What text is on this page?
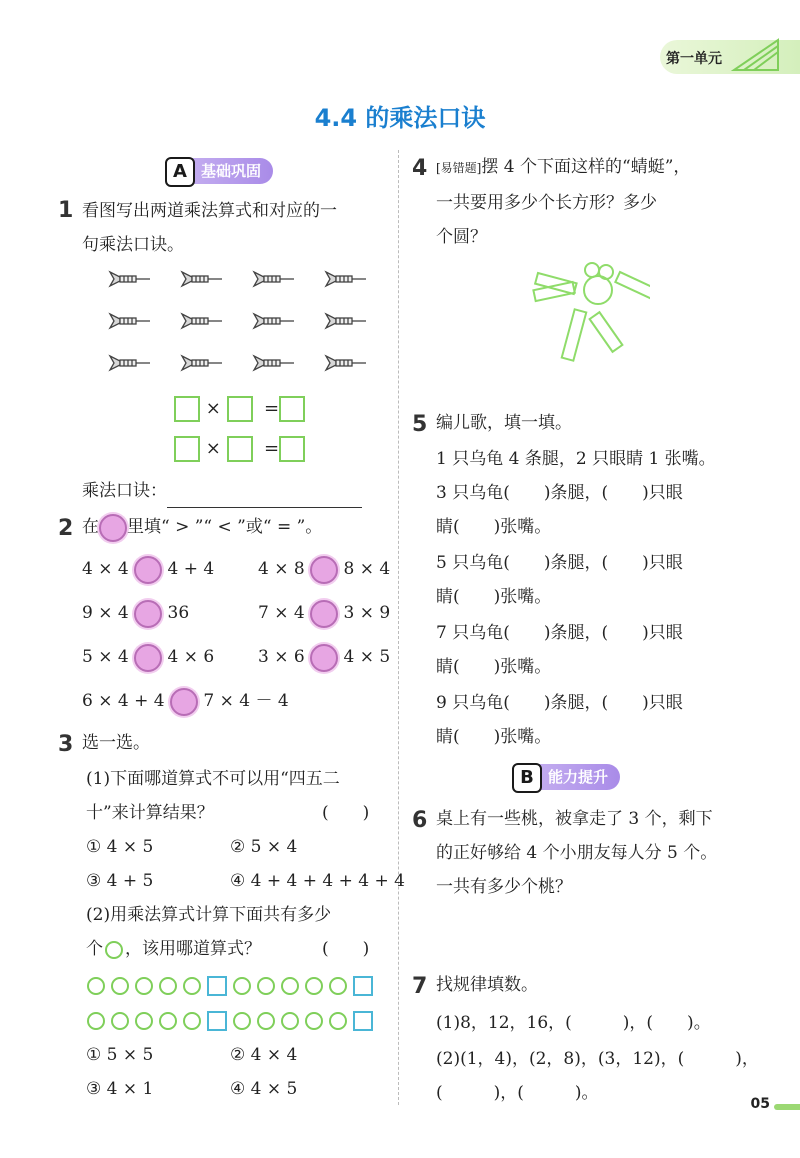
第一单元
4.4 的乘法口诀
A 基础巩固
1 看图写出两道乘法算式和对应的一
句乘法口诀。
× =
× =
乘法口诀：
2 在 里填“ > ”“ < ”或“ = ”。
4 × 4 4 + 4	4 × 8 8 × 4
9 × 4 36	7 × 4 3 × 9
5 × 4 4 × 6	3 × 6 4 × 5
6 × 4 + 4 7 × 4 － 4
3 选一选。
(1)下面哪道算式不可以用“四五二
十”来计算结果？	(　　)
① 4 × 5	② 5 × 4
③ 4 + 5	④ 4 + 4 + 4 + 4 + 4
(2)用乘法算式计算下面共有多少
个 ，该用哪道算式？	(　　)
① 5 × 5	② 4 × 4
③ 4 × 1	④ 4 × 5
4 [易错题]摆 4 个下面这样的“蜻蜓”，
一共要用多少个长方形？多少
个圆？
5 编儿歌，填一填。
1 只乌龟 4 条腿，2 只眼睛 1 张嘴。
3 只乌龟(　　)条腿，(　　)只眼
睛(　　)张嘴。
5 只乌龟(　　)条腿，(　　)只眼
睛(　　)张嘴。
7 只乌龟(　　)条腿，(　　)只眼
睛(　　)张嘴。
9 只乌龟(　　)条腿，(　　)只眼
睛(　　)张嘴。
B 能力提升
6 桌上有一些桃，被拿走了 3 个，剩下
的正好够给 4 个小朋友每人分 5 个。
一共有多少个桃？
7 找规律填数。
(1)8，12，16，(　　　)，(　　)。
(2)(1，4)，(2，8)，(3，12)，(　　　)，
(　　　)，(　　　)。
05
